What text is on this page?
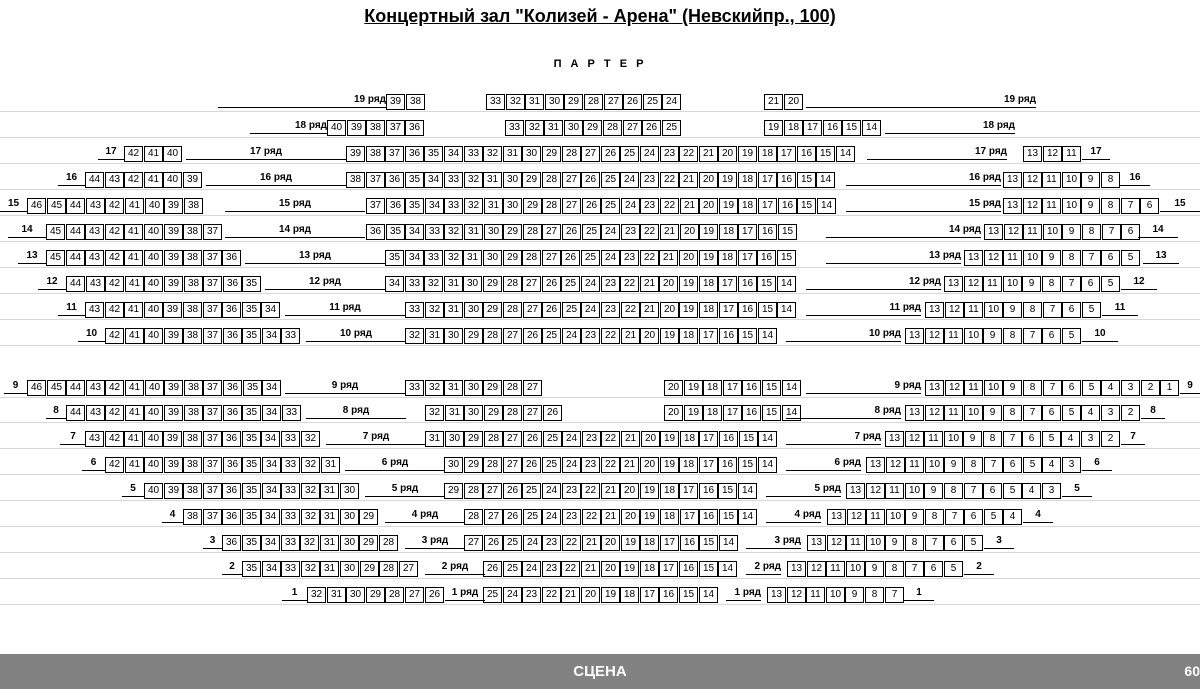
Концертный зал "Колизей - Арена" (Невскийпр., 100)
П А Р Т Е Р
39 38	33 32 31 30 29 28 27 26 25 24	21 20
19 ряд	19 ряд
40 39 38 37 36	33 32 31 30 29 28 27 26 25	19 18 17 16 15 14
18 ряд	18 ряд
42 41 40	39 38 37 36 35 34 33 32 31 30 29 28 27 26 25 24 23 22 21 20 19 18 17 16 15 14	13 12 11
17 ряд	17 ряд
17	17
44 43 42 41 40 39	38 37 36 35 34 33 32 31 30 29 28 27 26 25 24 23 22 21 20 19 18 17 16 15 14	13 12 11 10	9	8
16 ряд	16 ряд
16	16
46 45 44 43 42 41 40 39 38	37 36 35 34 33 32 31 30 29 28 27 26 25 24 23 22 21 20 19 18 17 16 15 14	13 12 11 10	9	8	7	6
15 ряд	15 ряд
15	15
45 44 43 42 41 40 39 38 37	36 35 34 33 32 31 30 29 28 27 26 25 24 23 22 21 20 19 18 17 16 15	13 12 11 10	9	8	7	6
14 ряд	14 ряд
14	14
45 44 43 42 41 40 39 38 37 36	35 34 33 32 31 30 29 28 27 26 25 24 23 22 21 20 19 18 17 16 15	13 12 11 10	9	8	7	6	5
13 ряд	13 ряд
13	13
44 43 42 41 40 39 38 37 36 35	34 33 32 31 30 29 28 27 26 25 24 23 22 21 20 19 18 17 16 15 14	13 12 11 10	9	8	7	6	5
12 ряд	12 ряд
12	12
43 42 41 40 39 38 37 36 35 34	33 32 31 30 29 28 27 26 25 24 23 22 21 20 19 18 17 16 15 14	13 12 11 10	9	8	7	6	5
11 ряд	11 ряд
11	11
42 41 40 39 38 37 36 35 34 33	32 31 30 29 28 27 26 25 24 23 22 21 20 19 18 17 16 15 14	13 12 11 10	9	8	7	6	5
10 ряд	10 ряд
10	10
46 45 44 43 42 41 40 39 38 37 36 35 34	33 32 31 30 29 28 27	20 19 18 17 16 15 14	13 12 11 10	9	8	7	6	5	4	3	2	1
9 ряд	9 ряд
9	9
44 43 42 41 40 39 38 37 36 35 34 33	32 31 30 29 28 27 26	20 19 18 17 16 15 14	13 12 11 10	9	8	7	6	5	4	3	2
8 ряд	8 ряд
8	8
43 42 41 40 39 38 37 36 35 34 33 32	31 30 29 28 27 26 25 24 23 22 21 20 19 18 17 16 15 14	13 12 11 10	9	8	7	6	5	4	3	2
7 ряд	7 ряд
7	7
42 41 40 39 38 37 36 35 34 33 32 31	30 29 28 27 26 25 24 23 22 21 20 19 18 17 16 15 14	13 12 11 10	9	8	7	6	5	4	3
6 ряд	6 ряд
6	6
40 39 38 37 36 35 34 33 32 31 30	29 28 27 26 25 24 23 22 21 20 19 18 17 16 15 14	13 12 11 10	9	8	7	6	5	4	3
5 ряд	5 ряд
5	5
38 37 36 35 34 33 32 31 30 29	28 27 26 25 24 23 22 21 20 19 18 17 16 15 14	13 12 11 10	9	8	7	6	5	4
4 ряд	4 ряд
4	4
36 35 34 33 32 31 30 29 28	27 26 25 24 23 22 21 20 19 18 17 16 15 14	13 12 11 10	9	8	7	6	5
3 ряд	3 ряд
3	3
35 34 33 32 31 30 29 28 27	26 25 24 23 22 21 20 19 18 17 16 15 14	13 12 11 10	9	8	7	6	5
2 ряд	2 ряд
2	2
32 31 30 29 28 27 26	25 24 23 22 21 20 19 18 17 16 15 14	13 12 11 10	9	8	7
1 ряд	1 ряд
1	1
СЦЕНА	60
